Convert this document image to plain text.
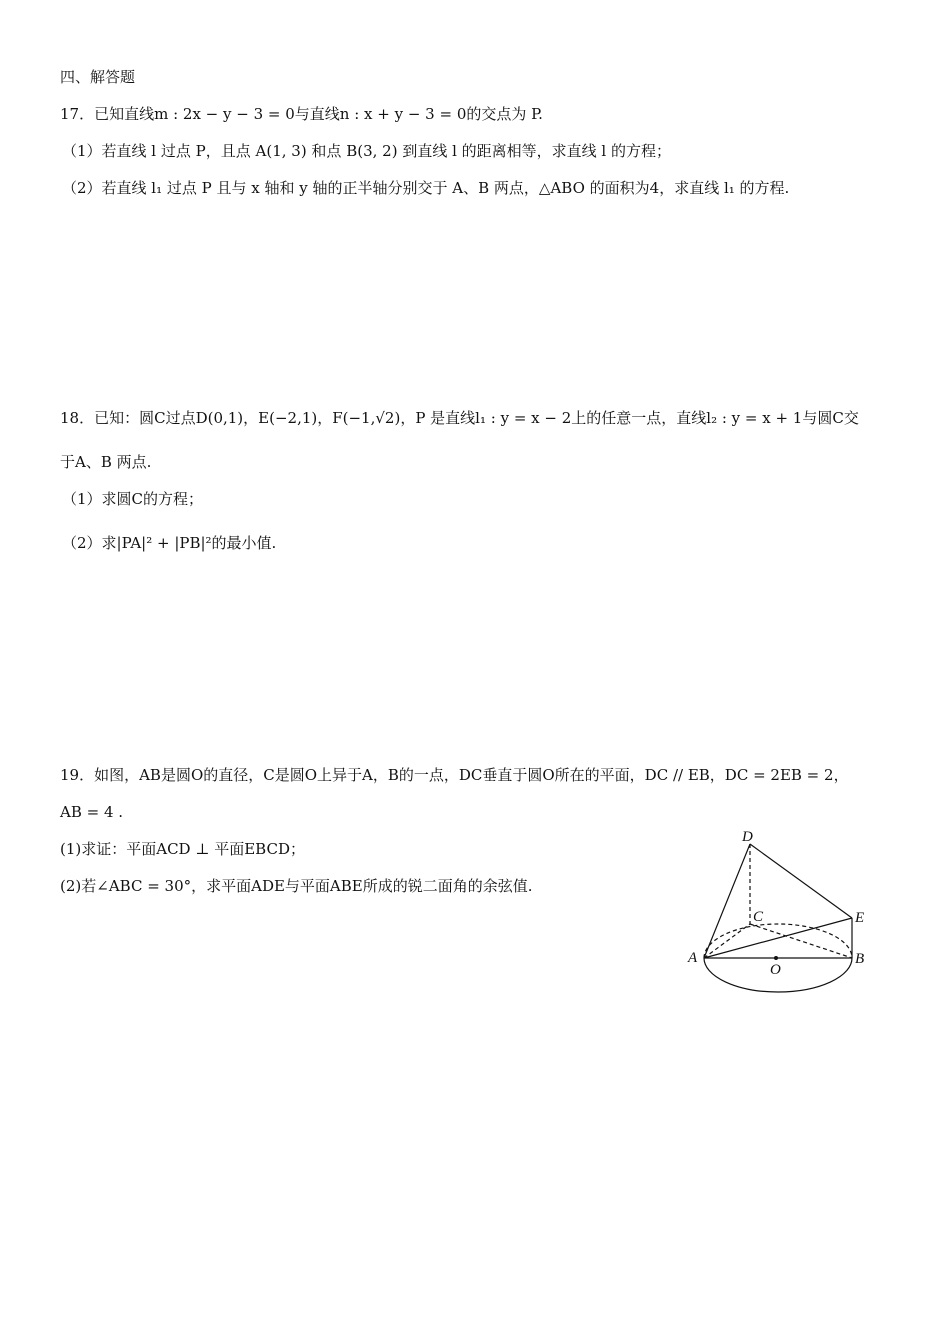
四、解答题
17．已知直线m : 2x − y − 3 = 0与直线n : x + y − 3 = 0的交点为 P.
（1）若直线 l 过点 P，且点 A(1, 3) 和点 B(3, 2) 到直线 l 的距离相等，求直线 l 的方程；
（2）若直线 l₁ 过点 P 且与 x 轴和 y 轴的正半轴分别交于 A、B 两点，△ABO 的面积为4，求直线 l₁ 的方程.
18．已知：圆C过点D(0,1)，E(−2,1)，F(−1,√2)，P 是直线l₁ : y = x − 2上的任意一点，直线l₂ : y = x + 1与圆C交
于A、B 两点.
（1）求圆C的方程；
（2）求|PA|² + |PB|²的最小值.
19．如图，AB是圆O的直径，C是圆O上异于A，B的一点，DC垂直于圆O所在的平面，DC // EB，DC = 2EB = 2，
AB = 4 .
(1)求证：平面ACD ⊥ 平面EBCD；
(2)若∠ABC = 30°，求平面ADE与平面ABE所成的锐二面角的余弦值.
D
C	E
A
O
B
